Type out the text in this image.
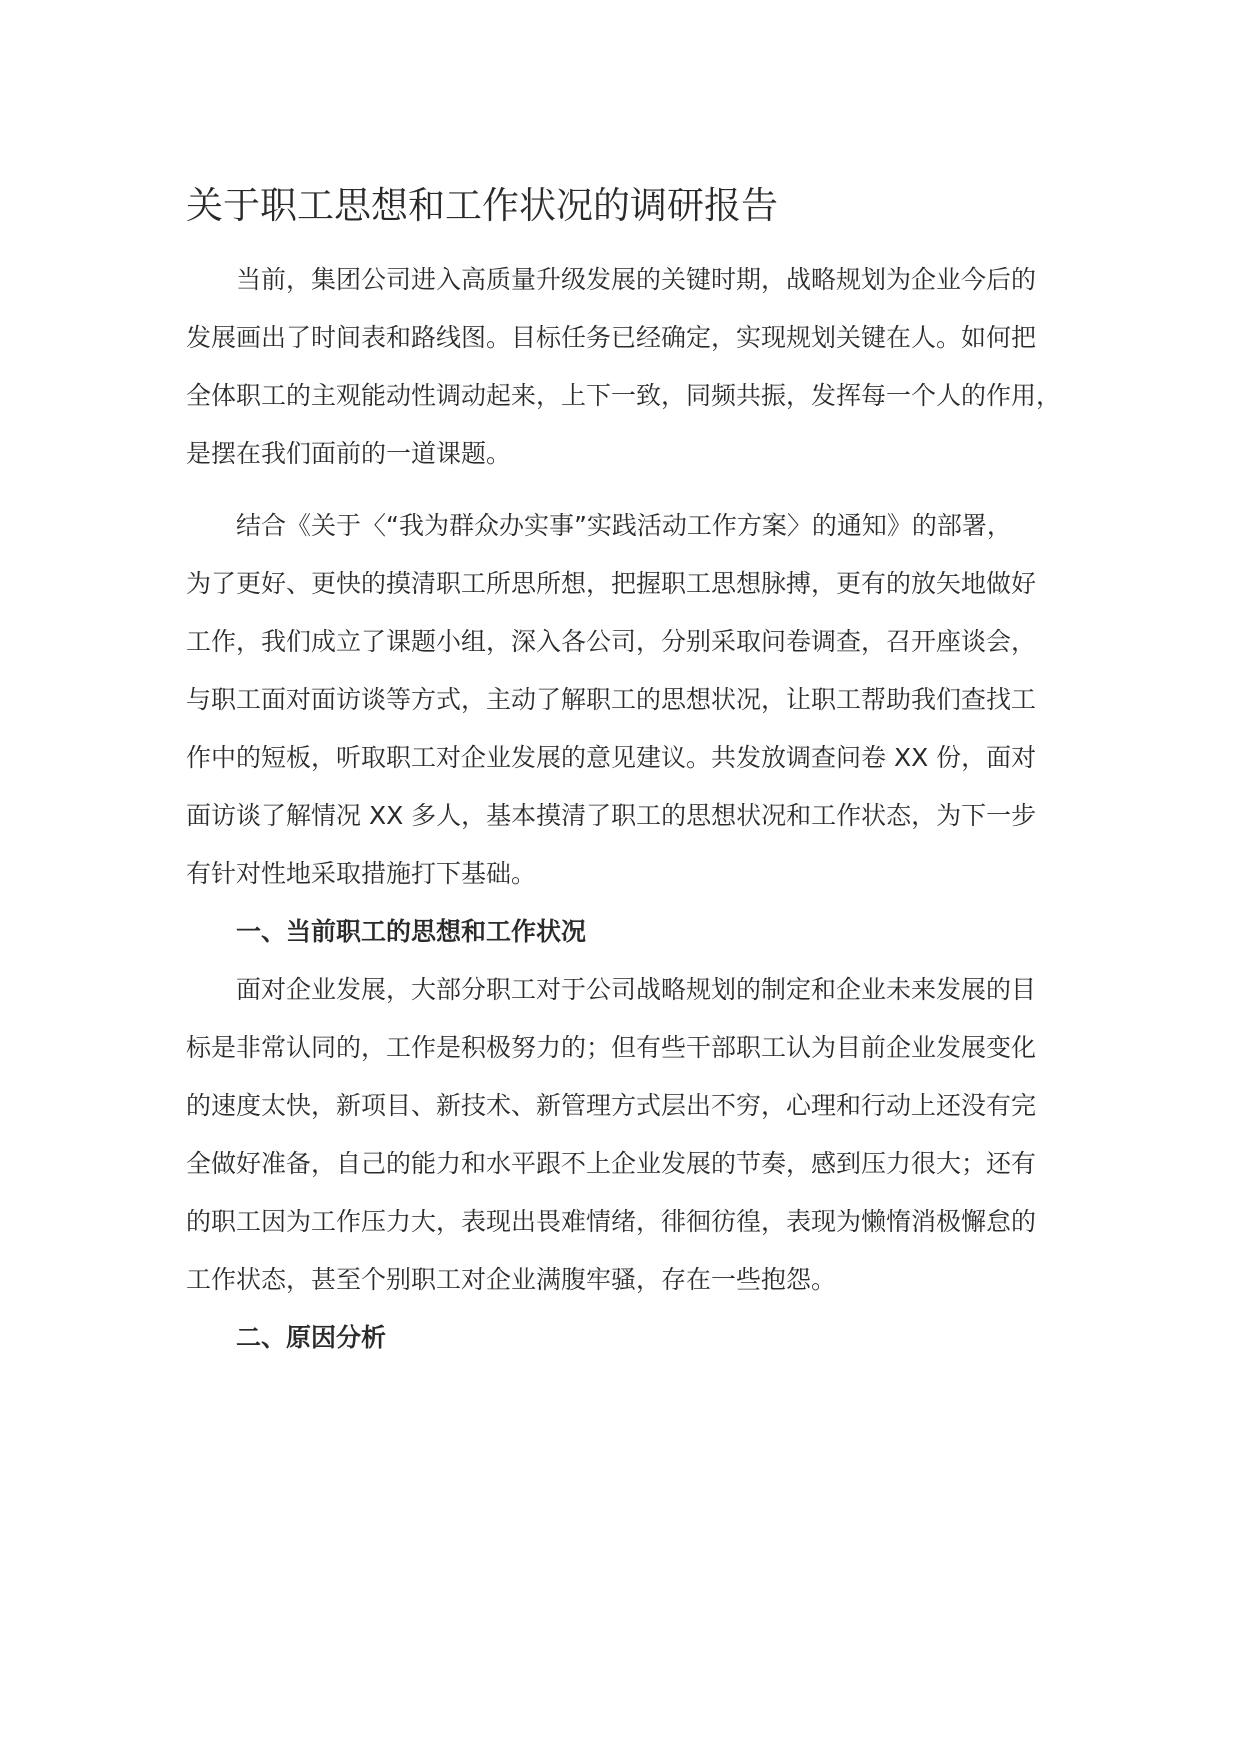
关于职工思想和工作状况的调研报告
当前，集团公司进入高质量升级发展的关键时期，战略规划为企业今后的
发展画出了时间表和路线图。目标任务已经确定，实现规划关键在人。如何把
全体职工的主观能动性调动起来，上下一致，同频共振，发挥每一个人的作用，
是摆在我们面前的一道课题。
结合《关于〈“我为群众办实事”实践活动工作方案〉的通知》的部署，
为了更好、更快的摸清职工所思所想，把握职工思想脉搏，更有的放矢地做好
工作，我们成立了课题小组，深入各公司，分别采取问卷调查，召开座谈会，
与职工面对面访谈等方式，主动了解职工的思想状况，让职工帮助我们查找工
作中的短板，听取职工对企业发展的意见建议。共发放调查问卷 XX 份，面对
面访谈了解情况 XX 多人，基本摸清了职工的思想状况和工作状态，为下一步
有针对性地采取措施打下基础。
一、当前职工的思想和工作状况
面对企业发展，大部分职工对于公司战略规划的制定和企业未来发展的目
标是非常认同的，工作是积极努力的；但有些干部职工认为目前企业发展变化
的速度太快，新项目、新技术、新管理方式层出不穷，心理和行动上还没有完
全做好准备，自己的能力和水平跟不上企业发展的节奏，感到压力很大；还有
的职工因为工作压力大，表现出畏难情绪，徘徊彷徨，表现为懒惰消极懈怠的
工作状态，甚至个别职工对企业满腹牢骚，存在一些抱怨。
二、原因分析
